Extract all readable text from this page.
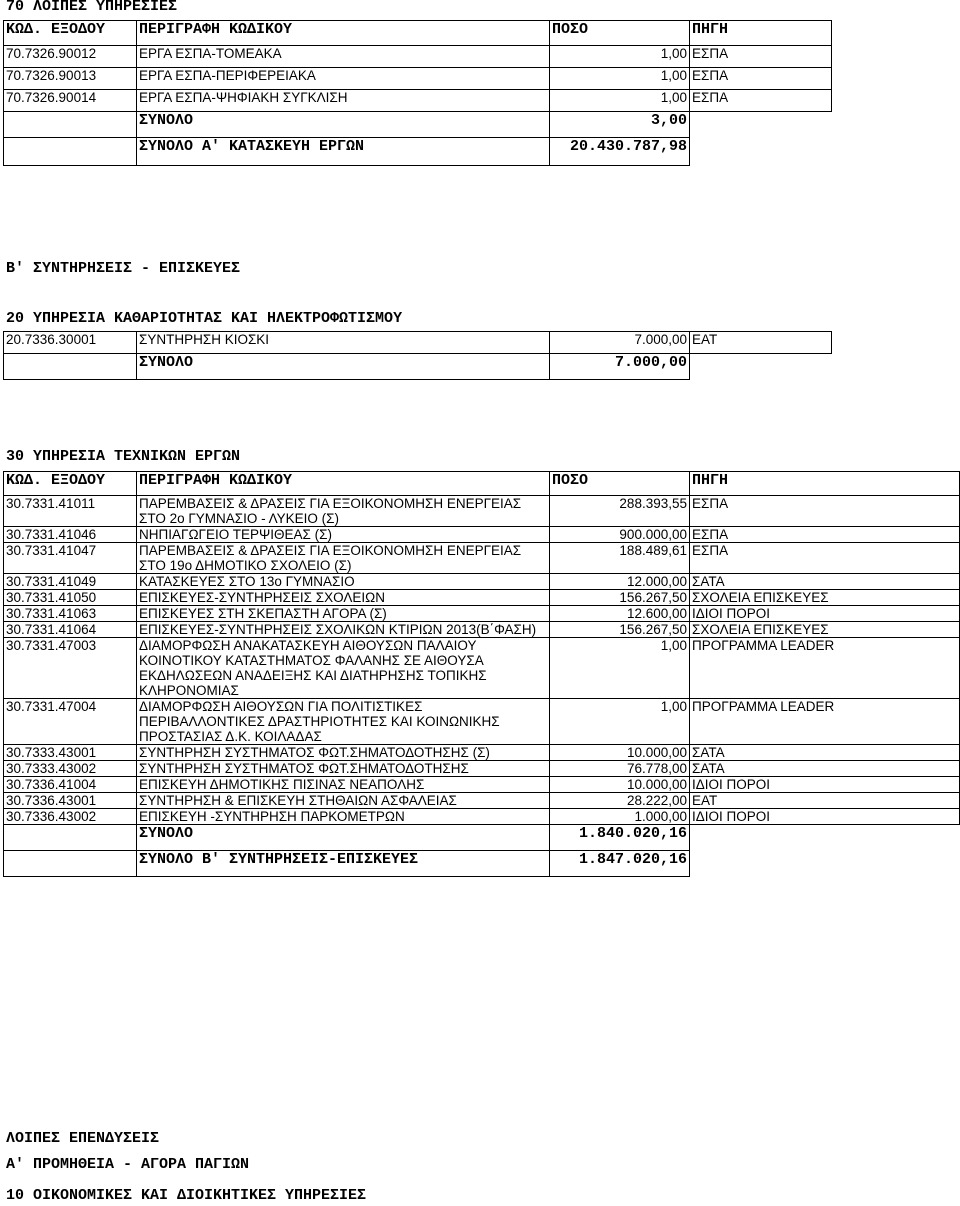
70 ΛΟΙΠΕΣ ΥΠΗΡΕΣΙΕΣ
ΚΩΔ. ΕΞΟΔΟΥ	ΠΕΡΙΓΡΑΦΗ ΚΩΔΙΚΟΥ	ΠΟΣΟ	ΠΗΓΗ
70.7326.90012	ΕΡΓΑ ΕΣΠΑ-ΤΟΜΕΑΚΑ	1,00	ΕΣΠΑ
70.7326.90013	ΕΡΓΑ ΕΣΠΑ-ΠΕΡΙΦΕΡΕΙΑΚΑ	1,00	ΕΣΠΑ
70.7326.90014	ΕΡΓΑ ΕΣΠΑ-ΨΗΦΙΑΚΗ ΣΥΓΚΛΙΣΗ	1,00	ΕΣΠΑ
	ΣΥΝΟΛΟ	3,00	
	ΣΥΝΟΛΟ Α' ΚΑΤΑΣΚΕΥΗ ΕΡΓΩΝ	20.430.787,98	
Β' ΣΥΝΤΗΡΗΣΕΙΣ - ΕΠΙΣΚΕΥΕΣ
20 ΥΠΗΡΕΣΙΑ ΚΑΘΑΡΙΟΤΗΤΑΣ ΚΑΙ ΗΛΕΚΤΡΟΦΩΤΙΣΜΟΥ
20.7336.30001	ΣΥΝΤΗΡΗΣΗ ΚΙΟΣΚΙ	7.000,00	ΕΑΤ
	ΣΥΝΟΛΟ	7.000,00	
30 ΥΠΗΡΕΣΙΑ ΤΕΧΝΙΚΩΝ ΕΡΓΩΝ
ΚΩΔ. ΕΞΟΔΟΥ	ΠΕΡΙΓΡΑΦΗ ΚΩΔΙΚΟΥ	ΠΟΣΟ	ΠΗΓΗ
30.7331.41011	ΠΑΡΕΜΒΑΣΕΙΣ & ΔΡΑΣΕΙΣ ΓΙΑ ΕΞΟΙΚΟΝΟΜΗΣΗ ΕΝΕΡΓΕΙΑΣ ΣΤΟ 2ο ΓΥΜΝΑΣΙΟ - ΛΥΚΕΙΟ (Σ)	288.393,55	ΕΣΠΑ
30.7331.41046	ΝΗΠΙΑΓΩΓΕΙΟ ΤΕΡΨΙΘΕΑΣ (Σ)	900.000,00	ΕΣΠΑ
30.7331.41047	ΠΑΡΕΜΒΑΣΕΙΣ & ΔΡΑΣΕΙΣ ΓΙΑ ΕΞΟΙΚΟΝΟΜΗΣΗ ΕΝΕΡΓΕΙΑΣ ΣΤΟ 19ο ΔΗΜΟΤΙΚΟ ΣΧΟΛΕΙΟ (Σ)	188.489,61	ΕΣΠΑ
30.7331.41049	ΚΑΤΑΣΚΕΥΕΣ ΣΤΟ 13ο ΓΥΜΝΑΣΙΟ	12.000,00	ΣΑΤΑ
30.7331.41050	ΕΠΙΣΚΕΥΕΣ-ΣΥΝΤΗΡΗΣΕΙΣ ΣΧΟΛΕΙΩΝ	156.267,50	ΣΧΟΛΕΙΑ ΕΠΙΣΚΕΥΕΣ
30.7331.41063	ΕΠΙΣΚΕΥΕΣ ΣΤΗ ΣΚΕΠΑΣΤΗ ΑΓΟΡΑ (Σ)	12.600,00	ΙΔΙΟΙ ΠΟΡΟΙ
30.7331.41064	ΕΠΙΣΚΕΥΕΣ-ΣΥΝΤΗΡΗΣΕΙΣ ΣΧΟΛΙΚΩΝ ΚΤΙΡΙΩΝ 2013(Β΄ΦΑΣΗ)	156.267,50	ΣΧΟΛΕΙΑ ΕΠΙΣΚΕΥΕΣ
30.7331.47003	ΔΙΑΜΟΡΦΩΣΗ ΑΝΑΚΑΤΑΣΚΕΥΗ ΑΙΘΟΥΣΩΝ ΠΑΛΑΙΟΥ ΚΟΙΝΟΤΙΚΟΥ ΚΑΤΑΣΤΗΜΑΤΟΣ ΦΑΛΑΝΗΣ ΣΕ ΑΙΘΟΥΣΑ ΕΚΔΗΛΩΣΕΩΝ ΑΝΑΔΕΙΞΗΣ ΚΑΙ ΔΙΑΤΗΡΗΣΗΣ ΤΟΠΙΚΗΣ ΚΛΗΡΟΝΟΜΙΑΣ	1,00	ΠΡΟΓΡΑΜΜΑ LEADER
30.7331.47004	ΔΙΑΜΟΡΦΩΣΗ ΑΙΘΟΥΣΩΝ ΓΙΑ ΠΟΛΙΤΙΣΤΙΚΕΣ ΠΕΡΙΒΑΛΛΟΝΤΙΚΕΣ ΔΡΑΣΤΗΡΙΟΤΗΤΕΣ ΚΑΙ ΚΟΙΝΩΝΙΚΗΣ ΠΡΟΣΤΑΣΙΑΣ Δ.Κ. ΚΟΙΛΑΔΑΣ	1,00	ΠΡΟΓΡΑΜΜΑ LEADER
30.7333.43001	ΣΥΝΤΗΡΗΣΗ ΣΥΣΤΗΜΑΤΟΣ ΦΩΤ.ΣΗΜΑΤΟΔΟΤΗΣΗΣ (Σ)	10.000,00	ΣΑΤΑ
30.7333.43002	ΣΥΝΤΗΡΗΣΗ ΣΥΣΤΗΜΑΤΟΣ ΦΩΤ.ΣΗΜΑΤΟΔΟΤΗΣΗΣ	76.778,00	ΣΑΤΑ
30.7336.41004	ΕΠΙΣΚΕΥΗ ΔΗΜΟΤΙΚΗΣ ΠΙΣΙΝΑΣ ΝΕΑΠΟΛΗΣ	10.000,00	ΙΔΙΟΙ ΠΟΡΟΙ
30.7336.43001	ΣΥΝΤΗΡΗΣΗ & ΕΠΙΣΚΕΥΗ ΣΤΗΘΑΙΩΝ ΑΣΦΑΛΕΙΑΣ	28.222,00	ΕΑΤ
30.7336.43002	ΕΠΙΣΚΕΥΗ -ΣΥΝΤΗΡΗΣΗ ΠΑΡΚΟΜΕΤΡΩΝ	1.000,00	ΙΔΙΟΙ ΠΟΡΟΙ
	ΣΥΝΟΛΟ	1.840.020,16	
	ΣΥΝΟΛΟ Β' ΣΥΝΤΗΡΗΣΕΙΣ-ΕΠΙΣΚΕΥΕΣ	1.847.020,16	
ΛΟΙΠΕΣ ΕΠΕΝΔΥΣΕΙΣ
Α' ΠΡΟΜΗΘΕΙΑ - ΑΓΟΡΑ ΠΑΓΙΩΝ
10 ΟΙΚΟΝΟΜΙΚΕΣ ΚΑΙ ΔΙΟΙΚΗΤΙΚΕΣ ΥΠΗΡΕΣΙΕΣ
